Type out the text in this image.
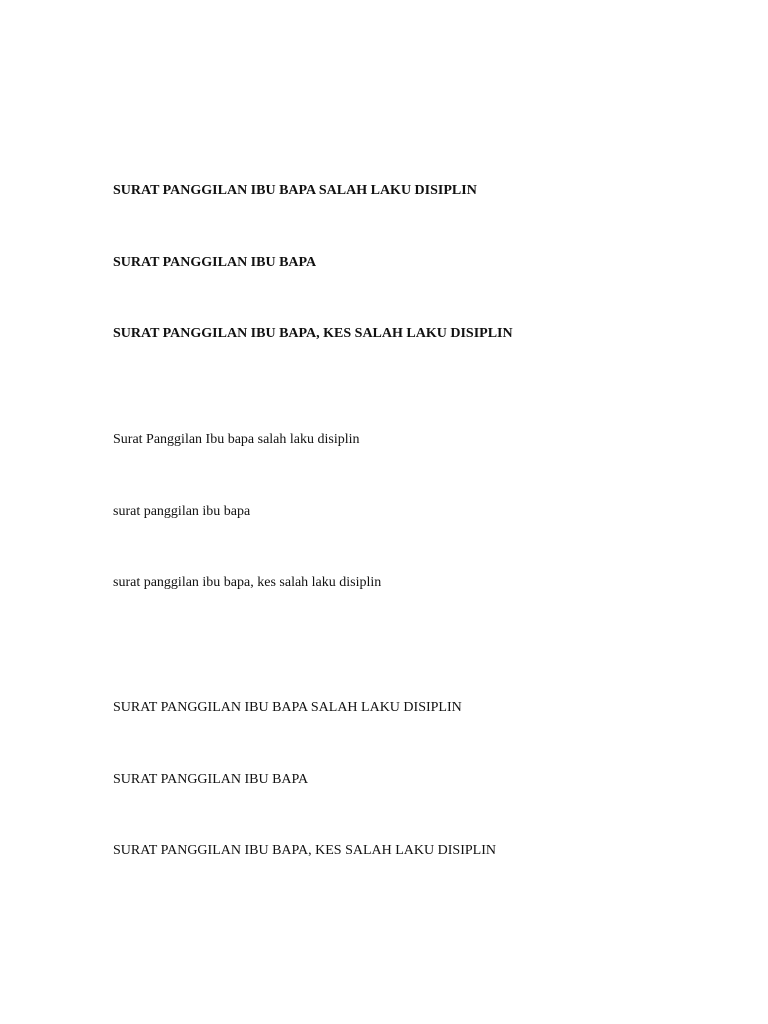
SURAT PANGGILAN IBU BAPA SALAH LAKU DISIPLIN

SURAT PANGGILAN IBU BAPA

SURAT PANGGILAN IBU BAPA, KES SALAH LAKU DISIPLIN

Surat Panggilan Ibu bapa salah laku disiplin

surat panggilan ibu bapa

surat panggilan ibu bapa, kes salah laku disiplin

SURAT PANGGILAN IBU BAPA SALAH LAKU DISIPLIN

SURAT PANGGILAN IBU BAPA

SURAT PANGGILAN IBU BAPA, KES SALAH LAKU DISIPLIN
